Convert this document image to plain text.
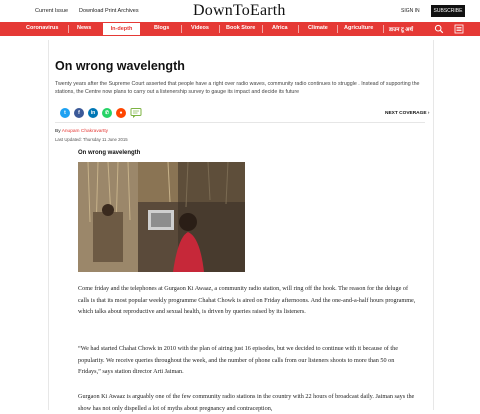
Current Issue Download Print Archives	DownToEarth	SIGN IN	SUBSCRIBE
Coronavirus	News	In-depth	Blogs	Videos	Book Store	Africa	Climate	Agriculture	डाउन टू अर्थ
On wrong wavelength

Twenty years after the Supreme Court asserted that people have a right over radio waves, community radio continues to struggle . Instead of supporting the stations, the Centre now plans to carry out a listenership survey to gauge its impact and decide its future

t	f	in	✆	●	NEXT COVERAGE ›
By Anupam Chakravartty
Last Updated: Thursday 11 June 2015
On wrong wavelength

Come friday and the telephones at Gurgaon Ki Awaaz, a community radio station, will ring off the hook. The reason for the deluge of calls is that its most popular weekly programme Chahat Chowk is aired on Friday afternoons. And the one-and-a-half hours programme, which talks about reproductive and sexual health, is driven by queries raised by its listeners.

“We had started Chahat Chowk in 2010 with the plan of airing just 16 episodes, but we decided to continue with it because of the popularity. We receive queries throughout the week, and the number of phone calls from our listeners shoots to more than 50 on Fridays,” says station director Arti Jaiman.

Gurgaon Ki Awaaz is arguably one of the few community radio stations in the country with 22 hours of broadcast daily. Jaiman says the show has not only dispelled a lot of myths about pregnancy and contraception,
